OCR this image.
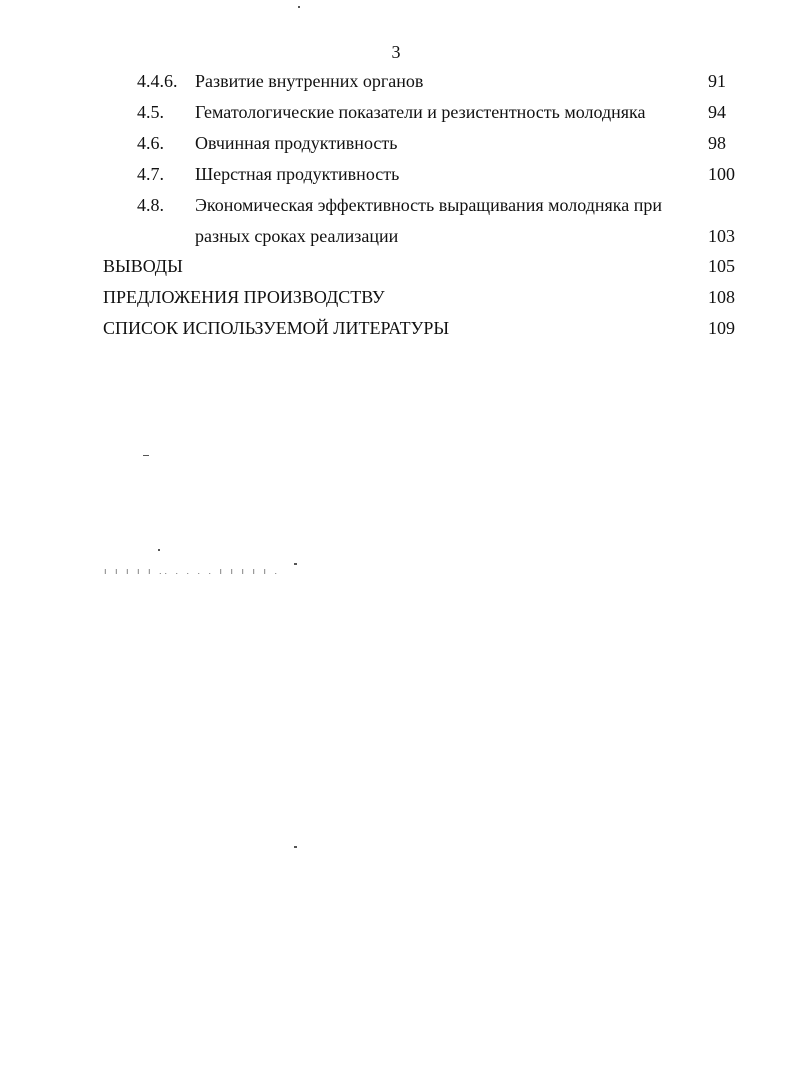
3
4.4.6. Развитие внутренних органов	91
4.5. Гематологические показатели и резистентность молодняка	94
4.6. Овчинная продуктивность	98
4.7. Шерстная продуктивность	100
4.8. Экономическая эффективность выращивания молодняка при
разных сроках реализации	103
ВЫВОДЫ	105
ПРЕДЛОЖЕНИЯ ПРОИЗВОДСТВУ	108
СПИСОК ИСПОЛЬЗУЕМОЙ ЛИТЕРАТУРЫ	109
ı ı ı ı ı .. . . . . ı ı ı ı ı .
